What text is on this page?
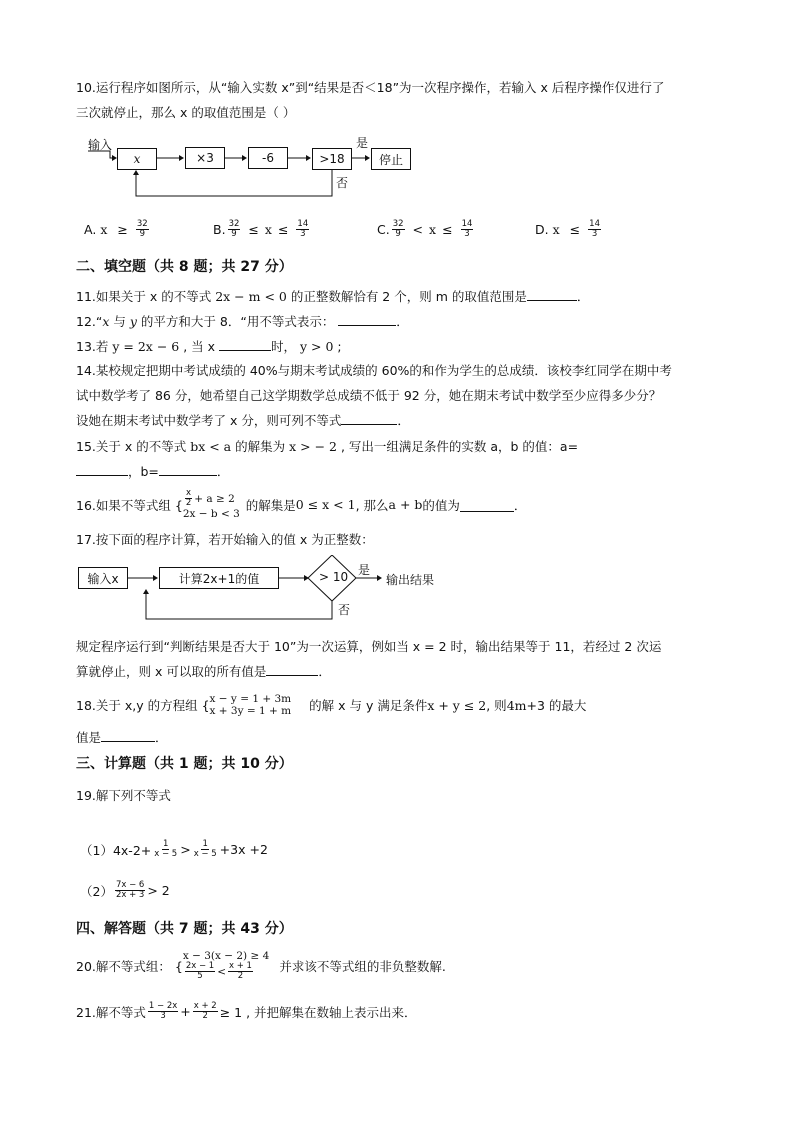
10.运行程序如图所示，从“输入实数 x”到“结果是否＜18”为一次程序操作，若输入 x 后程序操作仅进行了
三次就停止，那么 x 的取值范围是（ ）
输入
x	×3	-6	>18	停止
是
否
A. $x \ge \frac{32}{9}$	B. $\frac{32}{9} \le x \le \frac{14}{3}$	C. $\frac{32}{9} < x \le \frac{14}{3}$	D. $x \le \frac{14}{3}$
二、填空题（共 8 题；共 27 分）
11.如果关于 x 的不等式 2x − m < 0 的正整数解恰有 2 个，则 m 的取值范围是	．
12.“x 与 y 的平方和大于 8．“用不等式表示：	．
13.若 y = 2x − 6 , 当 x	时， y > 0 ;
14.某校规定把期中考试成绩的 40%与期末考试成绩的 60%的和作为学生的总成绩．该校李红同学在期中考
试中数学考了 86 分，她希望自己这学期数学总成绩不低于 92 分，她在期末考试中数学至少应得多少分？
设她在期末考试中数学考了 x 分，则可列不等式	．
15.关于 x 的不等式 bx < a 的解集为 x > − 2 , 写出一组满足条件的实数 a，b 的值：a=
，b=	．
16.如果不等式组 { $\frac{x}{2} + a \ge 2$
2x − b < 3
的解集是 0 ≤ x < 1 , 那么 a + b 的值为	．
17.按下面的程序计算，若开始输入的值 x 为正整数：
输入x	计算2x+1的值	> 10 是
输出结果
否
规定程序运行到“判断结果是否大于 10”为一次运算，例如当 x = 2 时，输出结果等于 11，若经过 2 次运
算就停止，则 x 可以取的所有值是	．
18.关于 x,y 的方程组 { x − y = 1 + 3m
x + 3y = 1 + m 的解 x 与 y 满足条件 x + y ≤ 2 , 则 4m +3 的最大
值是	．
三、计算题（共 1 题；共 10 分）
19.解下列不等式
$(1)4x-2+ \frac{1}{x - 5} > \frac{1}{x - 5} +3x +2$
$(2) \frac{7x - 6}{2x + 3} > 2$
四、解答题（共 7 题；共 43 分）
20.解不等式组： {
x − 3(x − 2) ≥ 4
$\frac{2x - 1}{5} < \frac{x + 1}{2}$ 并求该不等式组的非负整数解.
21.解不等式 $\frac{1 - 2x}{3} + \frac{x + 2}{2} \ge 1$ , 并把解集在数轴上表示出来．
